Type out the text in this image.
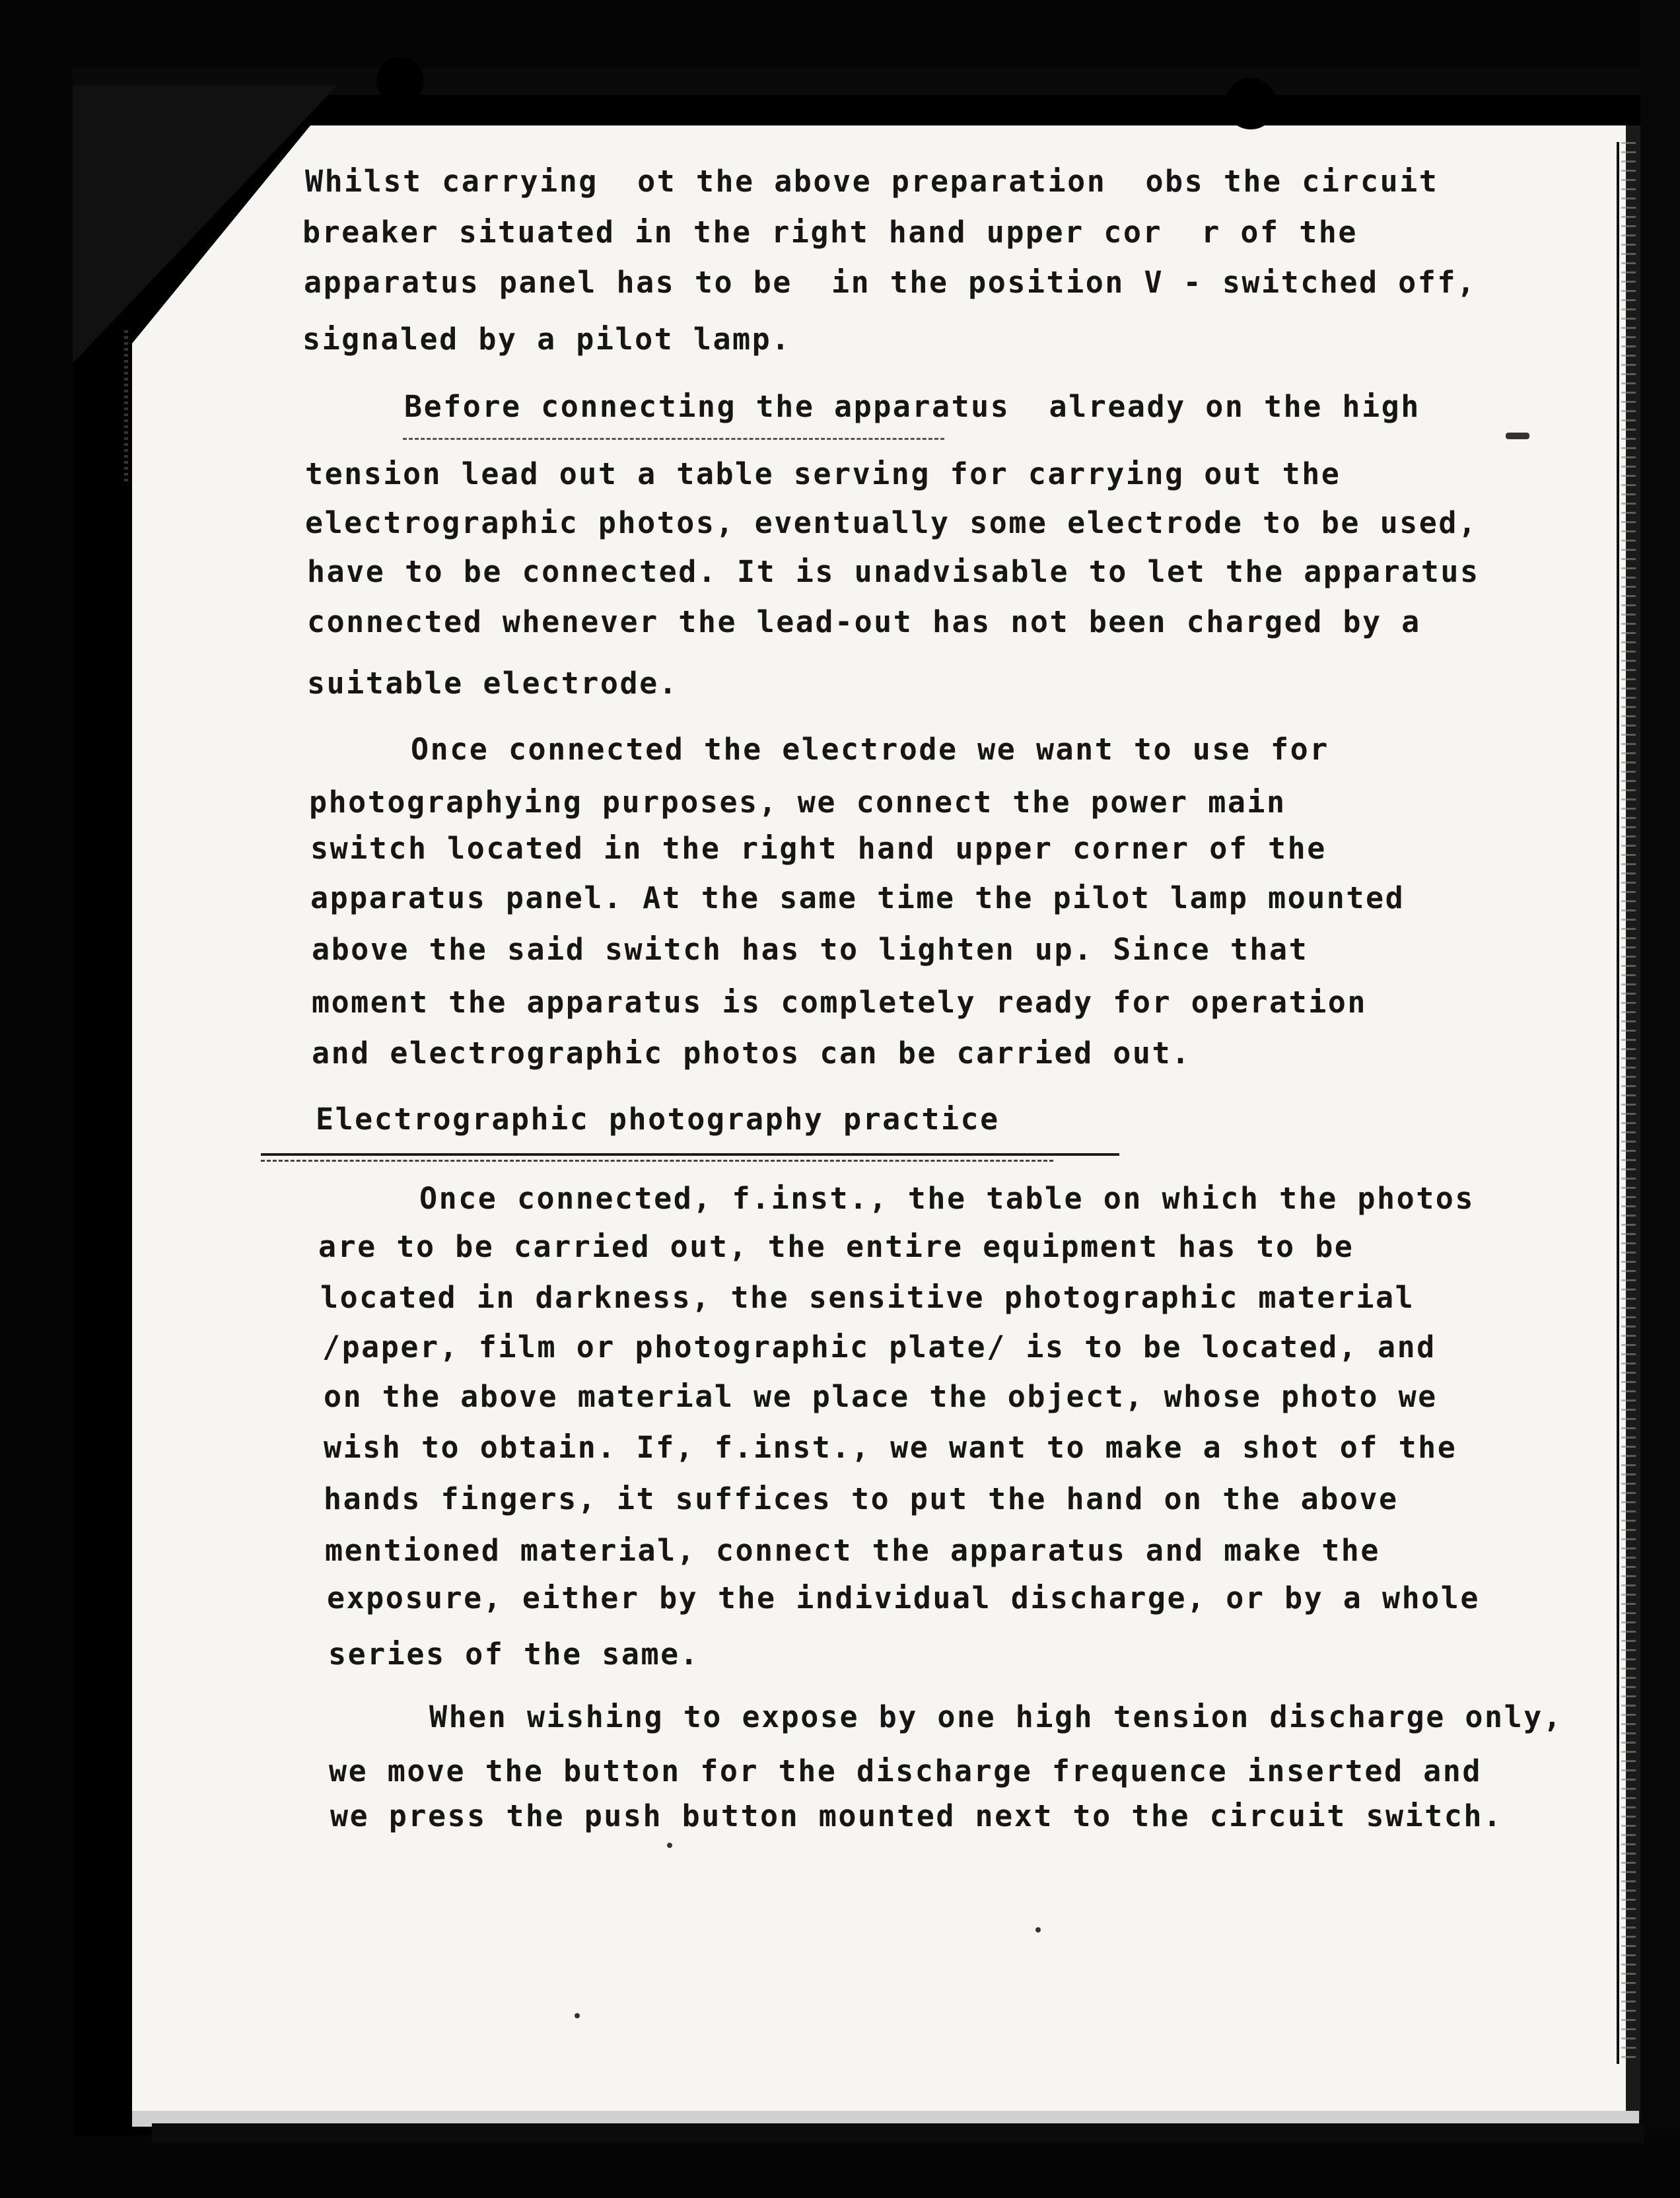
Whilst carrying  ot the above preparation  obs the circuit

breaker situated in the right hand upper cor  r of the

apparatus panel has to be  in the position V - switched off,

signaled by a pilot lamp.

Before connecting the apparatus  already on the high

tension lead out a table serving for carrying out the

electrographic photos, eventually some electrode to be used,

have to be connected. It is unadvisable to let the apparatus

connected whenever the lead-out has not been charged by a

suitable electrode.

Once connected the electrode we want to use for

photographying purposes, we connect the power main

switch located in the right hand upper corner of the

apparatus panel. At the same time the pilot lamp mounted

above the said switch has to lighten up. Since that

moment the apparatus is completely ready for operation

and electrographic photos can be carried out.

Electrographic photography practice

Once connected, f.inst., the table on which the photos

are to be carried out, the entire equipment has to be

located in darkness, the sensitive photographic material

/paper, film or photographic plate/ is to be located, and

on the above material we place the object, whose photo we

wish to obtain. If, f.inst., we want to make a shot of the

hands fingers, it suffices to put the hand on the above

mentioned material, connect the apparatus and make the

exposure, either by the individual discharge, or by a whole

series of the same.

When wishing to expose by one high tension discharge only,

we move the button for the discharge frequence inserted and

we press the push button mounted next to the circuit switch.
